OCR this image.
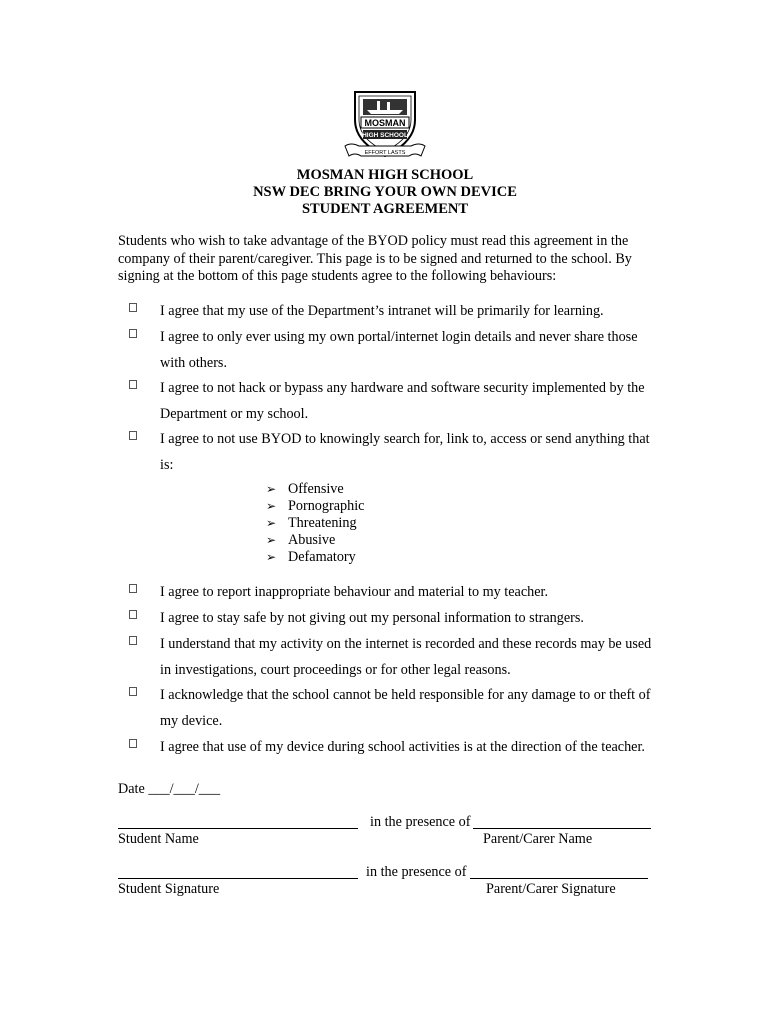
MOSMAN
HIGH SCHOOL
EFFORT LASTS
MOSMAN HIGH SCHOOL
NSW DEC BRING YOUR OWN DEVICE
STUDENT AGREEMENT
Students who wish to take advantage of the BYOD policy must read this agreement in the company of their parent/caregiver. This page is to be signed and returned to the school. By signing at the bottom of this page students agree to the following behaviours:
I agree that my use of the Department’s intranet will be primarily for learning.
I agree to only ever using my own portal/internet login details and never share those with others.
I agree to not hack or bypass any hardware and software security implemented by the Department or my school.
I agree to not use BYOD to knowingly search for, link to, access or send anything that is:
➢ Offensive
➢ Pornographic
➢ Threatening
➢ Abusive
➢ Defamatory
I agree to report inappropriate behaviour and material to my teacher.
I agree to stay safe by not giving out my personal information to strangers.
I understand that my activity on the internet is recorded and these records may be used in investigations, court proceedings or for other legal reasons.
I acknowledge that the school cannot be held responsible for any damage to or theft of my device.
I agree that use of my device during school activities is at the direction of the teacher.
Date ___/___/___
in the presence of
Student Name	Parent/Carer Name
in the presence of
Student Signature	Parent/Carer Signature
